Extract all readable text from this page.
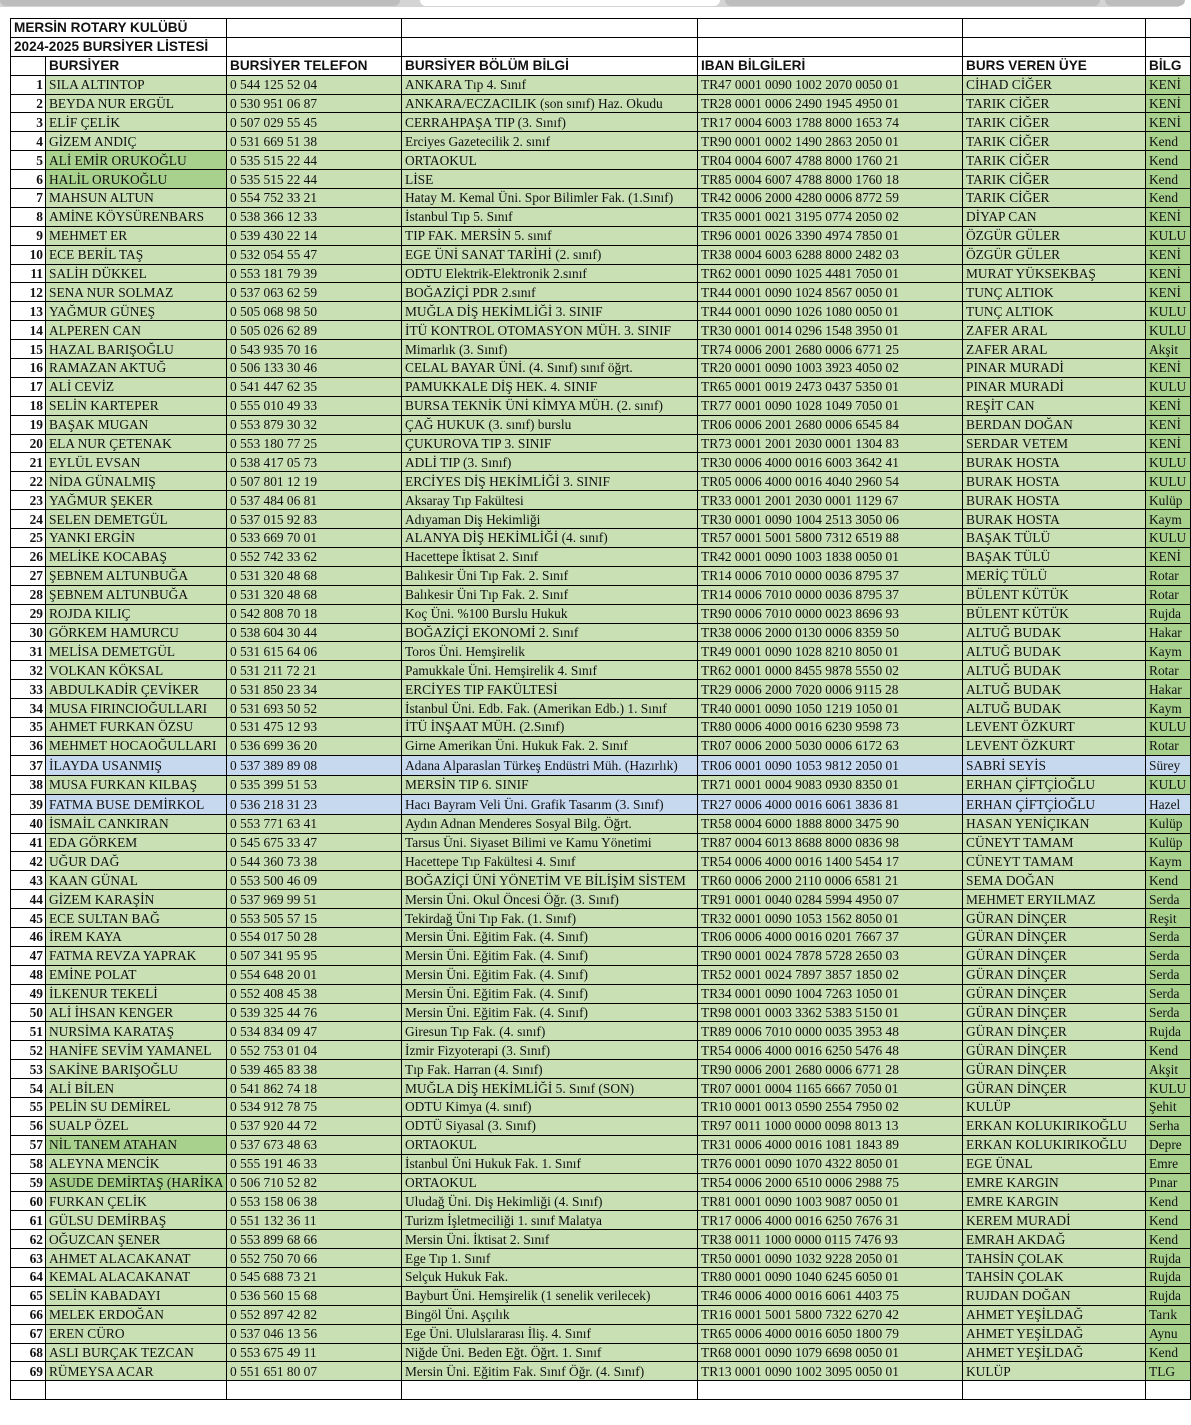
MERSİN ROTARY KULÜBÜ						
2024-2025 BURSİYER LİSTESİ						
	BURSİYER	BURSİYER TELEFON	BURSİYER BÖLÜM BİLGİ	IBAN BİLGİLERİ	BURS VEREN ÜYE	BİLG
1	SILA ALTINTOP	0 544 125 52 04	ANKARA Tıp 4. Sınıf	TR47 0001 0090 1002 2070 0050 01	CİHAD CİĞER	KENİ
2	BEYDA NUR ERGÜL	0 530 951 06 87	ANKARA/ECZACILIK (son sınıf) Haz. Okudu	TR28 0001 0006 2490 1945 4950 01	TARIK CİĞER	KENİ
3	ELİF ÇELİK	0 507 029 55 45	CERRAHPAŞA TIP (3. Sınıf)	TR17 0004 6003 1788 8000 1653 74	TARIK CİĞER	KENİ
4	GİZEM ANDIÇ	0 531 669 51 38	Erciyes Gazetecilik 2. sınıf	TR90 0001 0002 1490 2863 2050 01	TARIK CİĞER	Kend
5	ALİ EMİR ORUKOĞLU	0 535 515 22 44	ORTAOKUL	TR04 0004 6007 4788 8000 1760 21	TARIK CİĞER	Kend
6	HALİL ORUKOĞLU	0 535 515 22 44	LİSE	TR85 0004 6007 4788 8000 1760 18	TARIK CİĞER	Kend
7	MAHSUN ALTUN	0 554 752 33 21	Hatay M. Kemal Üni. Spor Bilimler Fak. (1.Sınıf)	TR42 0006 2000 4280 0006 8772 59	TARIK CİĞER	Kend
8	AMİNE KÖYSÜRENBARS	0 538 366 12 33	İstanbul Tıp 5. Sınıf	TR35 0001 0021 3195 0774 2050 02	DİYAP CAN	KENİ
9	MEHMET ER	0 539 430 22 14	TIP FAK. MERSİN 5. sınıf	TR96 0001 0026 3390 4974 7850 01	ÖZGÜR GÜLER	KULU
10	ECE BERİL TAŞ	0 532 054 55 47	EGE ÜNİ SANAT TARİHİ (2. sınıf)	TR38 0004 6003 6288 8000 2482 03	ÖZGÜR GÜLER	KENİ
11	SALİH DÜKKEL	0 553 181 79 39	ODTU Elektrik-Elektronik 2.sınıf	TR62 0001 0090 1025 4481 7050 01	MURAT YÜKSEKBAŞ	KENİ
12	SENA NUR SOLMAZ	0 537 063 62 59	BOĞAZİÇİ PDR 2.sınıf	TR44 0001 0090 1024 8567 0050 01	TUNÇ ALTIOK	KENİ
13	YAĞMUR GÜNEŞ	0 505 068 98 50	MUĞLA DİŞ HEKİMLİĞİ 3. SINIF	TR44 0001 0090 1026 1080 0050 01	TUNÇ ALTIOK	KULU
14	ALPEREN CAN	0 505 026 62 89	İTÜ KONTROL OTOMASYON MÜH. 3. SINIF	TR30 0001 0014 0296 1548 3950 01	ZAFER ARAL	KULU
15	HAZAL BARIŞOĞLU	0 543 935 70 16	Mimarlık (3. Sınıf)	TR74 0006 2001 2680 0006 6771 25	ZAFER ARAL	Akşit
16	RAMAZAN AKTUĞ	0 506 133 30 46	CELAL BAYAR ÜNİ. (4. Sınıf) sınıf öğrt.	TR20 0001 0090 1003 3923 4050 02	PINAR MURADİ	KENİ
17	ALİ CEVİZ	0 541 447 62 35	PAMUKKALE DİŞ HEK. 4. SINIF	TR65 0001 0019 2473 0437 5350 01	PINAR MURADİ	KULU
18	SELİN KARTEPER	0 555 010 49 33	BURSA TEKNİK ÜNİ KİMYA MÜH. (2. sınıf)	TR77 0001 0090 1028 1049 7050 01	REŞİT CAN	KENİ
19	BAŞAK MUGAN	0 553 879 30 32	ÇAĞ HUKUK (3. sınıf) burslu	TR06 0006 2001 2680 0006 6545 84	BERDAN DOĞAN	KENİ
20	ELA NUR ÇETENAK	0 553 180 77 25	ÇUKUROVA TIP 3. SINIF	TR73 0001 2001 2030 0001 1304 83	SERDAR VETEM	KENİ
21	EYLÜL EVSAN	0 538 417 05 73	ADLİ TIP (3. Sınıf)	TR30 0006 4000 0016 6003 3642 41	BURAK HOSTA	KULU
22	NİDA GÜNALMIŞ	0 507 801 12 19	ERCİYES DİŞ HEKİMLİĞİ 3. SINIF	TR05 0006 4000 0016 4040 2960 54	BURAK HOSTA	KULU
23	YAĞMUR ŞEKER	0 537 484 06 81	Aksaray Tıp Fakültesi	TR33 0001 2001 2030 0001 1129 67	BURAK HOSTA	Kulüp
24	SELEN DEMETGÜL	0 537 015 92 83	Adıyaman Diş Hekimliği	TR30 0001 0090 1004 2513 3050 06	BURAK HOSTA	Kaym
25	YANKI ERGİN	0 533 669 70 01	ALANYA DİŞ HEKİMLİĞİ (4. sınıf)	TR57 0001 5001 5800 7312 6519 88	BAŞAK TÜLÜ	KULU
26	MELİKE KOCABAŞ	0 552 742 33 62	Hacettepe İktisat 2. Sınıf	TR42 0001 0090 1003 1838 0050 01	BAŞAK TÜLÜ	KENİ
27	ŞEBNEM ALTUNBUĞA	0 531 320 48 68	Balıkesir Üni Tıp Fak. 2. Sınıf	TR14 0006 7010 0000 0036 8795 37	MERİÇ TÜLÜ	Rotar
28	ŞEBNEM ALTUNBUĞA	0 531 320 48 68	Balıkesir Üni Tıp Fak. 2. Sınıf	TR14 0006 7010 0000 0036 8795 37	BÜLENT KÜTÜK	Rotar
29	ROJDA KILIÇ	0 542 808 70 18	Koç Üni. %100 Burslu Hukuk	TR90 0006 7010 0000 0023 8696 93	BÜLENT KÜTÜK	Rujda
30	GÖRKEM HAMURCU	0 538 604 30 44	BOĞAZİÇİ EKONOMİ 2. Sınıf	TR38 0006 2000 0130 0006 8359 50	ALTUĞ BUDAK	Hakar
31	MELİSA DEMETGÜL	0 531 615 64 06	Toros Üni. Hemşirelik	TR49 0001 0090 1028 8210 8050 01	ALTUĞ BUDAK	Kaym
32	VOLKAN KÖKSAL	0 531 211 72 21	Pamukkale Üni. Hemşirelik 4. Sınıf	TR62 0001 0000 8455 9878 5550 02	ALTUĞ BUDAK	Rotar
33	ABDULKADİR ÇEVİKER	0 531 850 23 34	ERCİYES TIP FAKÜLTESİ	TR29 0006 2000 7020 0006 9115 28	ALTUĞ BUDAK	Hakar
34	MUSA FIRINCIOĞULLARI	0 531 693 50 52	İstanbul Üni. Edb. Fak. (Amerikan Edb.) 1. Sınıf	TR40 0001 0090 1050 1219 1050 01	ALTUĞ BUDAK	Kaym
35	AHMET FURKAN ÖZSU	0 531 475 12 93	İTÜ İNŞAAT MÜH. (2.Sınıf)	TR80 0006 4000 0016 6230 9598 73	LEVENT ÖZKURT	KULU
36	MEHMET HOCAOĞULLARI	0 536 699 36 20	Girne Amerikan Üni. Hukuk Fak. 2. Sınıf	TR07 0006 2000 5030 0006 6172 63	LEVENT ÖZKURT	Rotar
37	İLAYDA USANMIŞ	0 537 389 89 08	Adana Alparaslan Türkeş Endüstri Müh. (Hazırlık)	TR06 0001 0090 1053 9812 2050 01	SABRİ SEYİS	Sürey
38	MUSA FURKAN KILBAŞ	0 535 399 51 53	MERSİN TIP 6. SINIF	TR71 0001 0004 9083 0930 8350 01	ERHAN ÇİFTÇİOĞLU	KULU
39	FATMA BUSE DEMİRKOL	0 536 218 31 23	Hacı Bayram Veli Üni. Grafik Tasarım (3. Sınıf)	TR27 0006 4000 0016 6061 3836 81	ERHAN ÇİFTÇİOĞLU	Hazel
40	İSMAİL CANKIRAN	0 553 771 63 41	Aydın Adnan Menderes Sosyal Bilg. Öğrt.	TR58 0004 6000 1888 8000 3475 90	HASAN YENİÇIKAN	Kulüp
41	EDA GÖRKEM	0 545 675 33 47	Tarsus Üni. Siyaset Bilimi ve Kamu Yönetimi	TR87 0004 6013 8688 8000 0836 98	CÜNEYT TAMAM	Kulüp
42	UĞUR DAĞ	0 544 360 73 38	Hacettepe Tıp Fakültesi 4. Sınıf	TR54 0006 4000 0016 1400 5454 17	CÜNEYT TAMAM	Kaym
43	KAAN GÜNAL	0 553 500 46 09	BOĞAZİÇİ ÜNİ YÖNETİM VE BİLİŞİM SİSTEM	TR60 0006 2000 2110 0006 6581 21	SEMA DOĞAN	Kend
44	GİZEM KARAŞİN	0 537 969 99 51	Mersin Üni. Okul Öncesi Öğr. (3. Sınıf)	TR91 0001 0040 0284 5994 4950 07	MEHMET ERYILMAZ	Serda
45	ECE SULTAN BAĞ	0 553 505 57 15	Tekirdağ Üni Tıp Fak. (1. Sınıf)	TR32 0001 0090 1053 1562 8050 01	GÜRAN DİNÇER	Reşit
46	İREM KAYA	0 554 017 50 28	Mersin Üni. Eğitim Fak. (4. Sınıf)	TR06 0006 4000 0016 0201 7667 37	GÜRAN DİNÇER	Serda
47	FATMA REVZA YAPRAK	0 507 341 95 95	Mersin Üni. Eğitim Fak. (4. Sınıf)	TR90 0001 0024 7878 5728 2650 03	GÜRAN DİNÇER	Serda
48	EMİNE POLAT	0 554 648 20 01	Mersin Üni. Eğitim Fak. (4. Sınıf)	TR52 0001 0024 7897 3857 1850 02	GÜRAN DİNÇER	Serda
49	İLKENUR TEKELİ	0 552 408 45 38	Mersin Üni. Eğitim Fak. (4. Sınıf)	TR34 0001 0090 1004 7263 1050 01	GÜRAN DİNÇER	Serda
50	ALİ İHSAN KENGER	0 539 325 44 76	Mersin Üni. Eğitim Fak. (4. Sınıf)	TR98 0001 0003 3362 5383 5150 01	GÜRAN DİNÇER	Serda
51	NURSİMA KARATAŞ	0 534 834 09 47	Giresun Tıp Fak. (4. sınıf)	TR89 0006 7010 0000 0035 3953 48	GÜRAN DİNÇER	Rujda
52	HANİFE SEVİM YAMANEL	0 552 753 01 04	İzmir Fizyoterapi (3. Sınıf)	TR54 0006 4000 0016 6250 5476 48	GÜRAN DİNÇER	Kend
53	SAKİNE BARIŞOĞLU	0 539 465 83 38	Tıp Fak. Harran (4. Sınıf)	TR90 0006 2001 2680 0006 6771 28	GÜRAN DİNÇER	Akşit
54	ALİ BİLEN	0 541 862 74 18	MUĞLA DİŞ HEKİMLİĞİ 5. Sınıf (SON)	TR07 0001 0004 1165 6667 7050 01	GÜRAN DİNÇER	KULU
55	PELİN SU DEMİREL	0 534 912 78 75	ODTU Kimya (4. sınıf)	TR10 0001 0013 0590 2554 7950 02	KULÜP	Şehit
56	SUALP ÖZEL	0 537 920 44 72	ODTÜ Siyasal (3. Sınıf)	TR97 0011 1000 0000 0098 8013 13	ERKAN KOLUKIRIKOĞLU	Serha
57	NİL TANEM ATAHAN	0 537 673 48 63	ORTAOKUL	TR31 0006 4000 0016 1081 1843 89	ERKAN KOLUKIRIKOĞLU	Depre
58	ALEYNA MENCİK	0 555 191 46 33	İstanbul Üni Hukuk Fak. 1. Sınıf	TR76 0001 0090 1070 4322 8050 01	EGE ÜNAL	Emre
59	ASUDE DEMİRTAŞ (HARİKA	0 506 710 52 82	ORTAOKUL	TR54 0006 2000 6510 0006 2988 75	EMRE KARGIN	Pınar
60	FURKAN ÇELİK	0 553 158 06 38	Uludağ Üni. Diş Hekimliği (4. Sınıf)	TR81 0001 0090 1003 9087 0050 01	EMRE KARGIN	Kend
61	GÜLSU DEMİRBAŞ	0 551 132 36 11	Turizm İşletmeciliği 1. sınıf Malatya	TR17 0006 4000 0016 6250 7676 31	KEREM MURADİ	Kend
62	OĞUZCAN ŞENER	0 553 899 68 66	Mersin Üni. İktisat 2. Sınıf	TR38 0011 1000 0000 0115 7476 93	EMRAH AKDAĞ	Kend
63	AHMET ALACAKANAT	0 552 750 70 66	Ege Tıp 1. Sınıf	TR50 0001 0090 1032 9228 2050 01	TAHSİN ÇOLAK	Rujda
64	KEMAL ALACAKANAT	0 545 688 73 21	Selçuk Hukuk Fak.	TR80 0001 0090 1040 6245 6050 01	TAHSİN ÇOLAK	Rujda
65	SELİN KABADAYI	0 536 560 15 68	Bayburt Üni. Hemşirelik (1 senelik verilecek)	TR46 0006 4000 0016 6061 4403 75	RUJDAN DOĞAN	Rujda
66	MELEK ERDOĞAN	0 552 897 42 82	Bingöl Üni. Aşçılık	TR16 0001 5001 5800 7322 6270 42	AHMET YEŞİLDAĞ	Tarık
67	EREN CÜRO	0 537 046 13 56	Ege Üni. Ululslararası İliş. 4. Sınıf	TR65 0006 4000 0016 6050 1800 79	AHMET YEŞİLDAĞ	Aynu
68	ASLI BURÇAK TEZCAN	0 553 675 49 11	Niğde Üni. Beden Eğt. Öğrt. 1. Sınıf	TR68 0001 0090 1079 6698 0050 01	AHMET YEŞİLDAĞ	Kend
69	RÜMEYSA ACAR	0 551 651 80 07	Mersin Üni. Eğitim Fak. Sınıf Öğr. (4. Sınıf)	TR13 0001 0090 1002 3095 0050 01	KULÜP	TLG
